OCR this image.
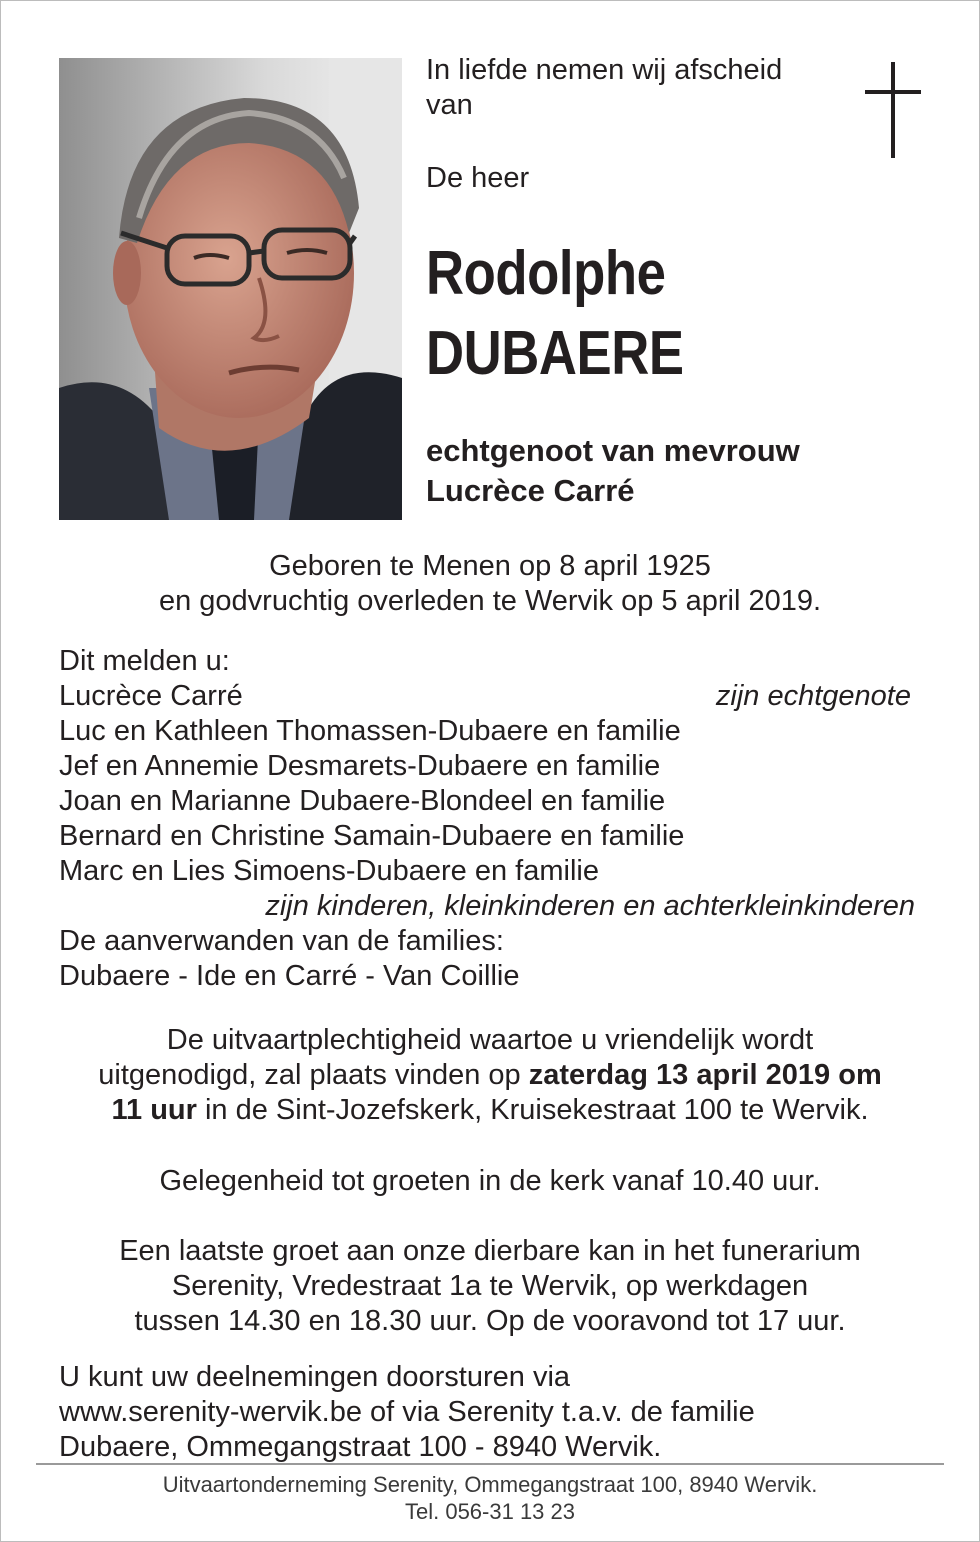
In liefde nemen wij afscheid
van
De heer
Rodolphe
DUBAERE
echtgenoot van mevrouw
Lucrèce Carré
Geboren te Menen op 8 april 1925
en godvruchtig overleden te Wervik op 5 april 2019.
Dit melden u:
Lucrèce Carré	zijn echtgenote
Luc en Kathleen Thomassen-Dubaere en familie
Jef en Annemie Desmarets-Dubaere en familie
Joan en Marianne Dubaere-Blondeel en familie
Bernard en Christine Samain-Dubaere en familie
Marc en Lies Simoens-Dubaere en familie
zijn kinderen, kleinkinderen en achterkleinkinderen
De aanverwanden van de families:
Dubaere - Ide en Carré - Van Coillie
De uitvaartplechtigheid waartoe u vriendelijk wordt
uitgenodigd, zal plaats vinden op zaterdag 13 april 2019 om
11 uur in de Sint-Jozefskerk, Kruisekestraat 100 te Wervik.
Gelegenheid tot groeten in de kerk vanaf 10.40 uur.
Een laatste groet aan onze dierbare kan in het funerarium
Serenity, Vredestraat 1a te Wervik, op werkdagen
tussen 14.30 en 18.30 uur. Op de vooravond tot 17 uur.
U kunt uw deelnemingen doorsturen via
www.serenity-wervik.be of via Serenity t.a.v. de familie
Dubaere, Ommegangstraat 100 - 8940 Wervik.
Uitvaartonderneming Serenity, Ommegangstraat 100, 8940 Wervik.
Tel. 056-31 13 23
